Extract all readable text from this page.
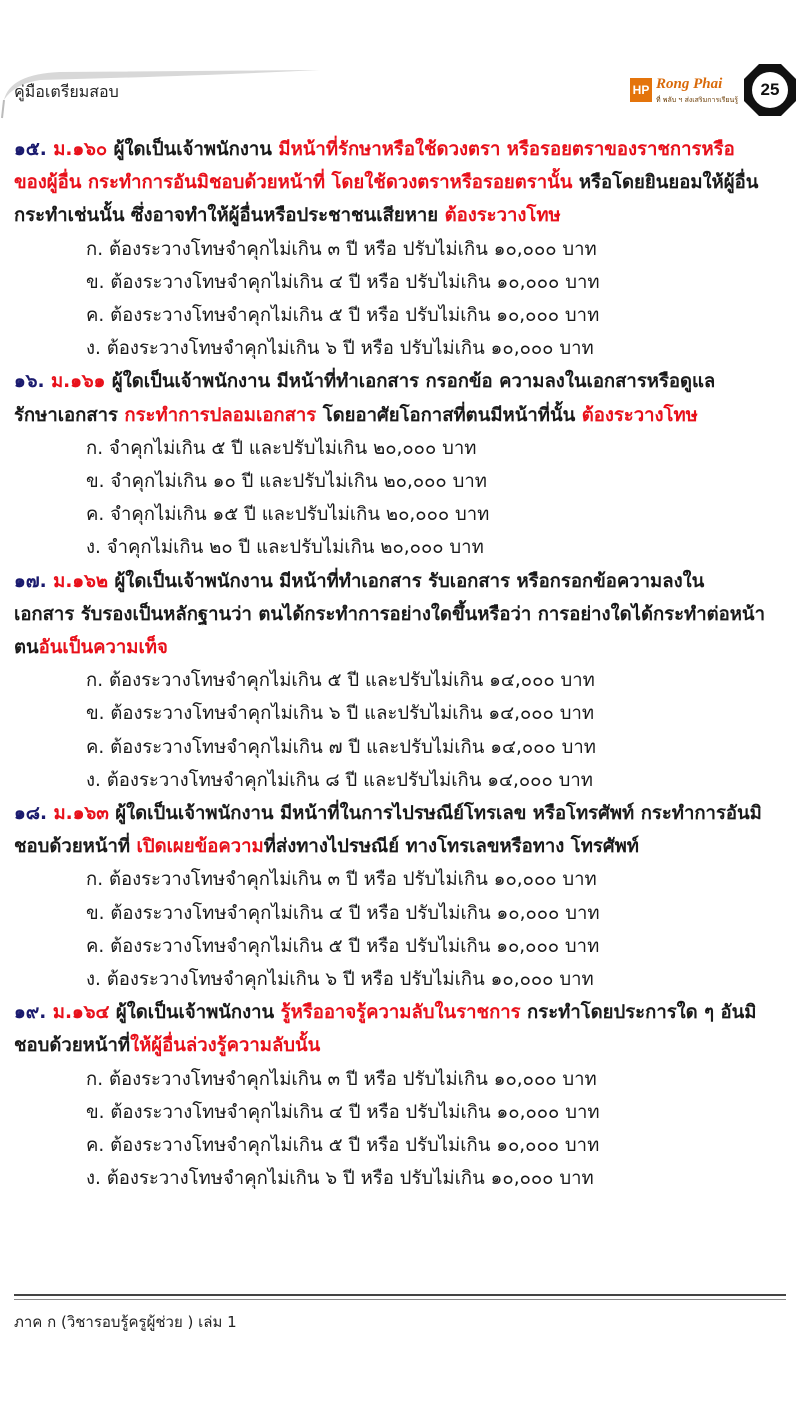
คู่มือเตรียมสอบ	HP Rong Phai
ที่ พลับ ฯ ส่งเสริมการเรียนรู้
25
๑๕. ม.๑๖๐ ผู้ใดเป็นเจ้าพนักงาน มีหน้าที่รักษาหรือใช้ดวงตรา หรือรอยตราของราชการหรือ
ของผู้อื่น กระทำการอันมิชอบด้วยหน้าที่ โดยใช้ดวงตราหรือรอยตรานั้น หรือโดยยินยอมให้ผู้อื่น
กระทำเช่นนั้น ซึ่งอาจทำให้ผู้อื่นหรือประชาชนเสียหาย ต้องระวางโทษ
ก. ต้องระวางโทษจำคุกไม่เกิน ๓ ปี หรือ ปรับไม่เกิน ๑๐,๐๐๐ บาท
ข. ต้องระวางโทษจำคุกไม่เกิน ๔ ปี หรือ ปรับไม่เกิน ๑๐,๐๐๐ บาท
ค. ต้องระวางโทษจำคุกไม่เกิน ๕ ปี หรือ ปรับไม่เกิน ๑๐,๐๐๐ บาท
ง. ต้องระวางโทษจำคุกไม่เกิน ๖ ปี หรือ ปรับไม่เกิน ๑๐,๐๐๐ บาท
๑๖. ม.๑๖๑ ผู้ใดเป็นเจ้าพนักงาน มีหน้าที่ทำเอกสาร กรอกข้อ ความลงในเอกสารหรือดูแล
รักษาเอกสาร กระทำการปลอมเอกสาร โดยอาศัยโอกาสที่ตนมีหน้าที่นั้น ต้องระวางโทษ
ก. จำคุกไม่เกิน ๕ ปี และปรับไม่เกิน ๒๐,๐๐๐ บาท
ข. จำคุกไม่เกิน ๑๐ ปี และปรับไม่เกิน ๒๐,๐๐๐ บาท
ค. จำคุกไม่เกิน ๑๕ ปี และปรับไม่เกิน ๒๐,๐๐๐ บาท
ง. จำคุกไม่เกิน ๒๐ ปี และปรับไม่เกิน ๒๐,๐๐๐ บาท
๑๗. ม.๑๖๒ ผู้ใดเป็นเจ้าพนักงาน มีหน้าที่ทำเอกสาร รับเอกสาร หรือกรอกข้อความลงใน
เอกสาร รับรองเป็นหลักฐานว่า ตนได้กระทำการอย่างใดขึ้นหรือว่า การอย่างใดได้กระทำต่อหน้า
ตนอันเป็นความเท็จ
ก. ต้องระวางโทษจำคุกไม่เกิน ๕ ปี และปรับไม่เกิน ๑๔,๐๐๐ บาท
ข. ต้องระวางโทษจำคุกไม่เกิน ๖ ปี และปรับไม่เกิน ๑๔,๐๐๐ บาท
ค. ต้องระวางโทษจำคุกไม่เกิน ๗ ปี และปรับไม่เกิน ๑๔,๐๐๐ บาท
ง. ต้องระวางโทษจำคุกไม่เกิน ๘ ปี และปรับไม่เกิน ๑๔,๐๐๐ บาท
๑๘. ม.๑๖๓ ผู้ใดเป็นเจ้าพนักงาน มีหน้าที่ในการไปรษณีย์โทรเลข หรือโทรศัพท์ กระทำการอันมิ
ชอบด้วยหน้าที่ เปิดเผยข้อความที่ส่งทางไปรษณีย์ ทางโทรเลขหรือทาง โทรศัพท์
ก. ต้องระวางโทษจำคุกไม่เกิน ๓ ปี หรือ ปรับไม่เกิน ๑๐,๐๐๐ บาท
ข. ต้องระวางโทษจำคุกไม่เกิน ๔ ปี หรือ ปรับไม่เกิน ๑๐,๐๐๐ บาท
ค. ต้องระวางโทษจำคุกไม่เกิน ๕ ปี หรือ ปรับไม่เกิน ๑๐,๐๐๐ บาท
ง. ต้องระวางโทษจำคุกไม่เกิน ๖ ปี หรือ ปรับไม่เกิน ๑๐,๐๐๐ บาท
๑๙. ม.๑๖๔ ผู้ใดเป็นเจ้าพนักงาน รู้หรืออาจรู้ความลับในราชการ กระทำโดยประการใด ๆ อันมิ
ชอบด้วยหน้าที่ให้ผู้อื่นล่วงรู้ความลับนั้น
ก. ต้องระวางโทษจำคุกไม่เกิน ๓ ปี หรือ ปรับไม่เกิน ๑๐,๐๐๐ บาท
ข. ต้องระวางโทษจำคุกไม่เกิน ๔ ปี หรือ ปรับไม่เกิน ๑๐,๐๐๐ บาท
ค. ต้องระวางโทษจำคุกไม่เกิน ๕ ปี หรือ ปรับไม่เกิน ๑๐,๐๐๐ บาท
ง. ต้องระวางโทษจำคุกไม่เกิน ๖ ปี หรือ ปรับไม่เกิน ๑๐,๐๐๐ บาท
ภาค ก (วิชารอบรู้ครูผู้ช่วย ) เล่ม 1
